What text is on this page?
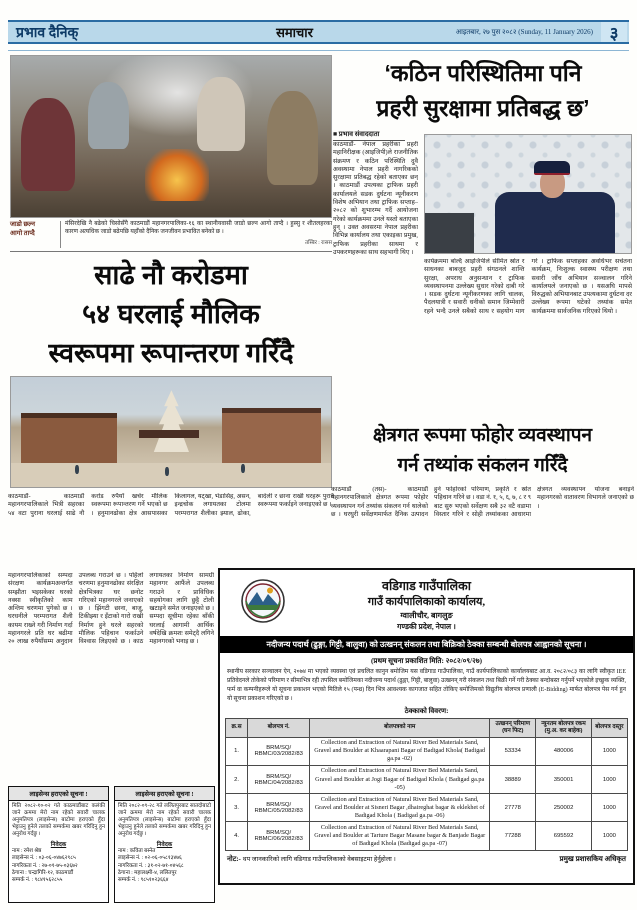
प्रभाव दैनिक्	समाचार	आइतबार, २७ पुस २०८२ (Sunday, 11 January 2026) ३
जाडो छल्न
आगो ताप्दै
मंसिरदेखि नै बढेको चिसोसँगै काठमाडौं महानगरपालिका-१६ का स्थानीयवासी जाडो छल्न आगो ताप्दै । हुस्सु र शीतलहरका कारण अत्यधिक जाडो बढेपछि यहाँको दैनिक जनजीवन प्रभावित बनेको छ ।
तस्बिर : रासस
साढे नौ करोडमा
५४ घरलाई मौलिक
स्वरूपमा रूपान्तरण गरिँदै
काठमाडौं- काठमाडौं महानगरपालिकाले भित्री सहरका ५४ वटा पुराना घरलाई साढे नौ करोड रुपैयाँ खर्चेर मौलिक स्वरूपमा रूपान्तरण गर्ने भएको छ । हनुमानढोका क्षेत्र आसपासका किलागल, यट्खा, भेडासिंह, असन, इन्द्रचोक लगायतका टोलमा परम्परागत शैलीका झ्याल, ढोका, बार्दली र छाना राखी घरहरू पुरानै स्वरूपमा फर्काइने जनाइएको छ ।
महानगरपालिकाको सम्पदा संरक्षण कार्यक्रमअन्तर्गत सम्झौता भइसकेका घरको नक्सा स्वीकृतिको काम अन्तिम चरणमा पुगेको छ । घरधनीले परम्परागत शैली कायम राख्ने गरी निर्माण गर्दा महानगरले प्रति घर बढीमा २० लाख रुपैयाँसम्म अनुदान उपलब्ध गराउने छ । पहिलो चरणमा हनुमानढोका संरक्षित क्षेत्रभित्रका घर छनोट गरिएको महानगरले जनाएको छ । झिंगटी छाना, बाजु, टिकीझ्या र इँटाको गारो राखी निर्माण हुने घरले सहरको मौलिक पहिचान फर्काउने विश्वास लिइएको छ । काठ लगायतका निर्माण सामग्री महानगर आफैंले उपलब्ध गराउने र प्राविधिक सहयोगका लागि छुट्टै टोली खटाइने समेत जनाइएको छ । सम्पदा सूचीमा रहेका बाँकी घरलाई आगामी आर्थिक वर्षदेखि क्रमशः समेट्दै लगिने महानगरको भनाइ छ ।
‘कठिन परिस्थितिमा पनि
प्रहरी सुरक्षामा प्रतिबद्ध छ’
■ प्रभाव संवाददाता
काठमाडौं- नेपाल प्रहरीका प्रहरी महानिरीक्षक (आइजिपी)ले राजनीतिक संक्रमण र कठिन परिस्थिति दुवै अवस्थामा नेपाल प्रहरी नागरिकको सुरक्षामा प्रतिबद्ध रहेको बताएका छन् । काठमाडौं उपत्यका ट्राफिक प्रहरी कार्यालयले सडक दुर्घटना न्यूनीकरण विशेष अभियान तथा ट्राफिक सप्ताह–२०८२ को शुभारम्भ गर्दै आयोजना गरेको कार्यक्रममा उनले यस्तो बताएका हुन् । उक्त अवसरमा नेपाल प्रहरीका विभिन्न कार्यालय तथा एकाइका प्रमुख, ट्राफिक प्रहरीका साथमा र उपकरणहरूका साथ सहभागी थिए ।
कार्यक्रममा बोल्दै आइजिपीले सीमित स्रोत र साधनका बाबजुद प्रहरी संगठनले शान्ति सुरक्षा, अपराध अनुसन्धान र ट्राफिक व्यवस्थापनमा उल्लेख्य सुधार गरेको दाबी गरे । सडक दुर्घटना न्यूनीकरणका लागि चालक, पैदलयात्री र सवारी धनीको समान जिम्मेवारी रहने भन्दै उनले सबैको साथ र सहयोग माग गरे । ट्राफिक सप्ताहका अवधिभर सचेतना कार्यक्रम, निःशुल्क स्वास्थ्य परीक्षण तथा सवारी जाँच अभियान सञ्चालन गरिने कार्यालयले जनाएको छ । यसअघि मापसे विरुद्धको अभियानबाट उपत्यकामा दुर्घटना दर उल्लेख्य रूपमा घटेको तथ्यांक समेत कार्यक्रममा सार्वजनिक गरिएको थियो ।
क्षेत्रगत रूपमा फोहोर व्यवस्थापन
गर्न तथ्यांक संकलन गरिँदै
काठमाडौं (तस)- काठमाडौं महानगरपालिकाले क्षेत्रगत रूपमा फोहोर व्यवस्थापन गर्न तथ्यांक संकलन गर्न थालेको छ । घरधुरी सर्वेक्षणमार्फत दैनिक उत्पादन हुने फोहोरको परिमाण, प्रकृति र स्रोत पहिचान गरिने छ । वडा नं. १, ५, ६, ७, ८ र ९ बाट सुरु भएको सर्वेक्षण सबै ३२ वटै वडामा विस्तार गरिने र सोही तथ्यांकका आधारमा क्षेत्रगत व्यवस्थापन योजना बनाइने महानगरको वातावरण विभागले जनाएको छ ।
वडिगाड गाउँपालिका
गाउँ कार्यपालिकाको कार्यालय,
ग्वालीचौर, बागलुङ
गण्डकी प्रदेश, नेपाल ।
नदीजन्य पदार्थ (ढुङ्गा, गिट्टी, बालुवा) को उत्खनन् संकलन तथा बिक्रिको ठेक्का सम्बन्धी बोलपत्र आह्वानको सूचना ।
(प्रथम सूचना प्रकाशित मिति: २०८२/०९/२७)
स्थानीय सरकार सञ्चालन ऐन, २०७४ मा भएको व्यवस्था एवं प्रचलित कानुन बमोजिम यस वडिगाड गाउँपालिका, गाउँ कार्यपालिकाको कार्यालयबाट आ.व. २०८२/०८३ का लागि स्वीकृत IEE प्रतिवेदनले तोकेको परिमाण र सीमाभित्र रही तपसिल बमोजिमका नदीजन्य पदार्थ (ढुङ्गा, गिट्टी, बालुवा) उत्खनन् गरी संकलन तथा बिक्री गर्ने गरी ठेक्का बन्दोबस्त गर्नुपर्ने भएकोले इच्छुक व्यक्ति, फर्म वा कम्पनीहरूले यो सूचना प्रकाशन भएको मितिले १५ (पन्ध्र) दिन भित्र आवश्यक कागजात सहित तोकिए बमोजिमको विद्युतीय बोलपत्र प्रणाली (E-Bidding) मार्फत बोलपत्र पेस गर्न हुन यो सूचना प्रकाशन गरिएको छ ।
ठेक्काको विवरण:
क्र.स	बोलपत्र नं.	बोलपत्रको नाम	उत्खनन् परिमाण (घन फिट)	न्युनतम बोलपत्र रकम (मु.अ. कर बाहेक)	बोलपत्र दस्तुर
1.	BRM/SQ/ RBMC/03/2082/83	Collection and Extraction of Natural River Bed Materials Sand, Gravel and Boulder at Khaarapani Bagar of Badigad Khola( Badigad ga.pa -02)	53334	480006	1000
2.	BRM/SQ/ RBMC/04/2082/83	Collection and Extraction of Natural River Bed Materials Sand, Gravel and Boulder at Jogi Bagar of Badigad Khola ( Badigad ga.pa -05)	38889	350001	1000
3.	BRM/SQ/ RBMC/05/2082/83	Collection and Extraction of Natural River Bed Materials Sand, Gravel and Boulder at Sisneri Bagar ,dhaireghat bagar & eklekhet of Badigad Khola ( Badigad ga.pa -06)	27778	250002	1000
4.	BRM/SQ/ RBMC/06/2082/83	Collection and Extraction of Natural River Bed Materials Sand, Gravel and Boulder at Tarture Bagar Masane bagar & Banjade Bagar of Badigad Khola (Badigad ga.pa -07)	77288	695592	1000
नोट:- थप जानकारिको लागि वडिगाड गाउँपालिकाको वेबसाइटमा हेर्नुहोला ।	प्रमुख प्रशासकिय अधिकृत
लाइसेन्स हराएको सूचना !
मिति २०८२-१०-०२ गते काठमाडौंबाट कलंकी जाने क्रममा मेरो नाम रहेको सवारी चालक अनुमतिपत्र (लाइसेन्स) बाटोमा हराएको हुँदा भेट्टाउनु हुनेले तलको सम्पर्कमा खबर गरिदिनु हुन अनुरोध गर्दछु ।
निवेदक
नाम : रमेश श्रेष्ठ
लाइसेन्स नं. : ०३-०६-०४७६२९८५
नागरिकता नं. : २७-०१-७५-०३६७२
ठेगाना : चन्द्रागिरि-१२, काठमाडौं
सम्पर्क नं. : ९८४१५६२८५५
लाइसेन्स हराएको सूचना !
मिति २०८२-०९-२८ गते ललितपुरबाट सातदोबाटो जाने क्रममा मेरो नाम रहेको सवारी चालक अनुमतिपत्र (लाइसेन्स) बाटोमा हराएको हुँदा भेट्टाउनु हुनेले तलको सम्पर्कमा खबर गरिदिनु हुन अनुरोध गर्दछु ।
निवेदक
नाम : कविता बस्नेत
लाइसेन्स नं. : ०२-०६-०५८१३४७६
नागरिकता नं. : ३१-०२-७१-०४५६८
ठेगाना : महालक्ष्मी-४, ललितपुर
सम्पर्क नं. : ९८५१०२३६६४
